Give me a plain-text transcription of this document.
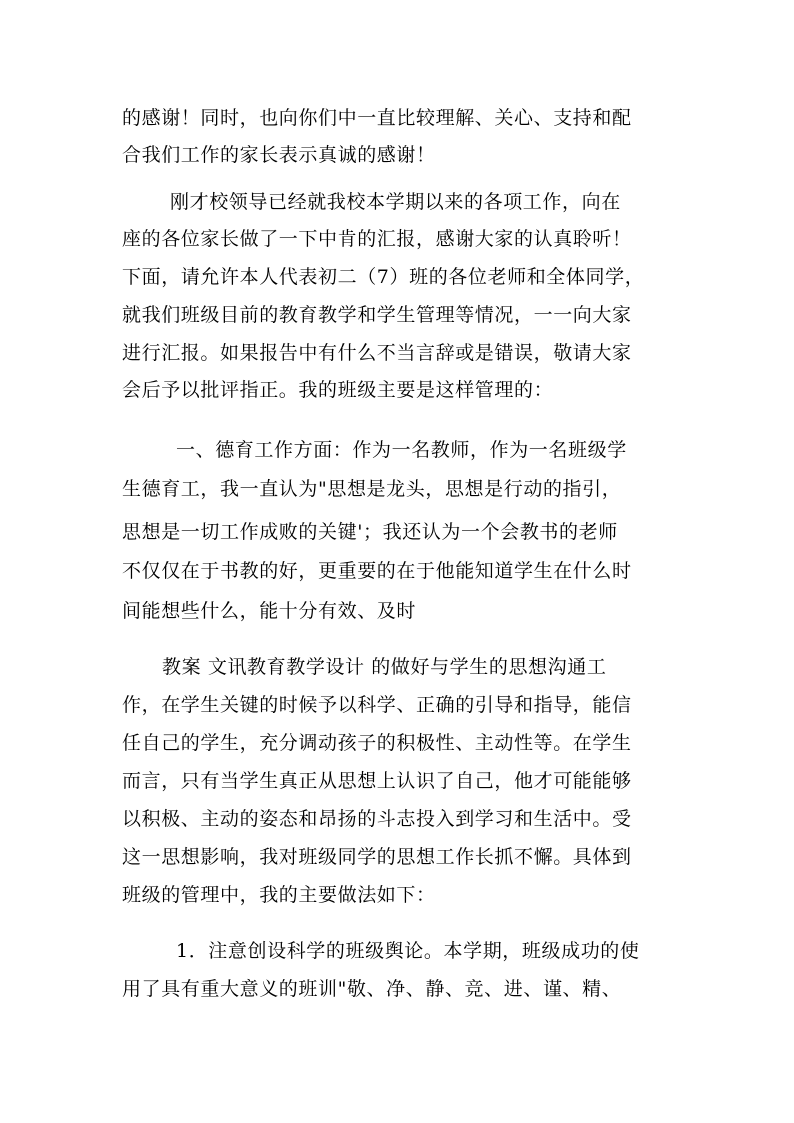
的感谢！同时，也向你们中一直比较理解、关心、支持和配
合我们工作的家长表示真诚的感谢！
刚才校领导已经就我校本学期以来的各项工作，向在
座的各位家长做了一下中肯的汇报，感谢大家的认真聆听！
下面，请允许本人代表初二（7）班的各位老师和全体同学，
就我们班级目前的教育教学和学生管理等情况，一一向大家
进行汇报。如果报告中有什么不当言辞或是错误，敬请大家
会后予以批评指正。我的班级主要是这样管理的：
一、德育工作方面：作为一名教师，作为一名班级学
生德育工，我一直认为"思想是龙头，思想是行动的指引，
思想是一切工作成败的关键'；我还认为一个会教书的老师
不仅仅在于书教的好，更重要的在于他能知道学生在什么时
间能想些什么，能十分有效、及时
教案 文讯教育教学设计 的做好与学生的思想沟通工
作，在学生关键的时候予以科学、正确的引导和指导，能信
任自己的学生，充分调动孩子的积极性、主动性等。在学生
而言，只有当学生真正从思想上认识了自己，他才可能能够
以积极、主动的姿态和昂扬的斗志投入到学习和生活中。受
这一思想影响，我对班级同学的思想工作长抓不懈。具体到
班级的管理中，我的主要做法如下：
1．注意创设科学的班级舆论。本学期，班级成功的使
用了具有重大意义的班训"敬、净、静、竞、进、谨、精、
